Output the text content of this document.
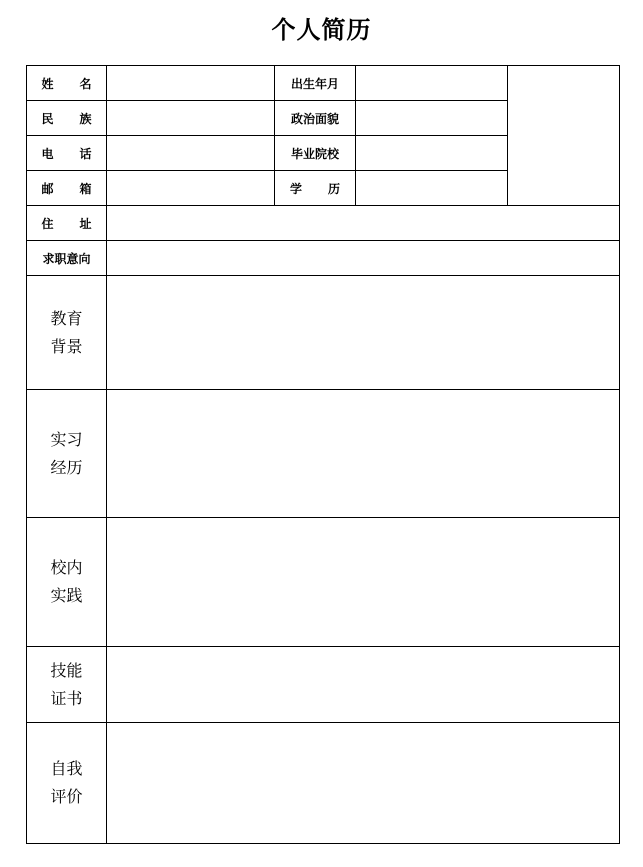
个人简历
姓 名		出生年月		
民 族		政治面貌		
电 话		毕业院校		
邮 箱		学 历		
住 址				
求职意向				

教育
背景				

实习
经历				

校内
实践				

技能
证书				

自我
评价				
